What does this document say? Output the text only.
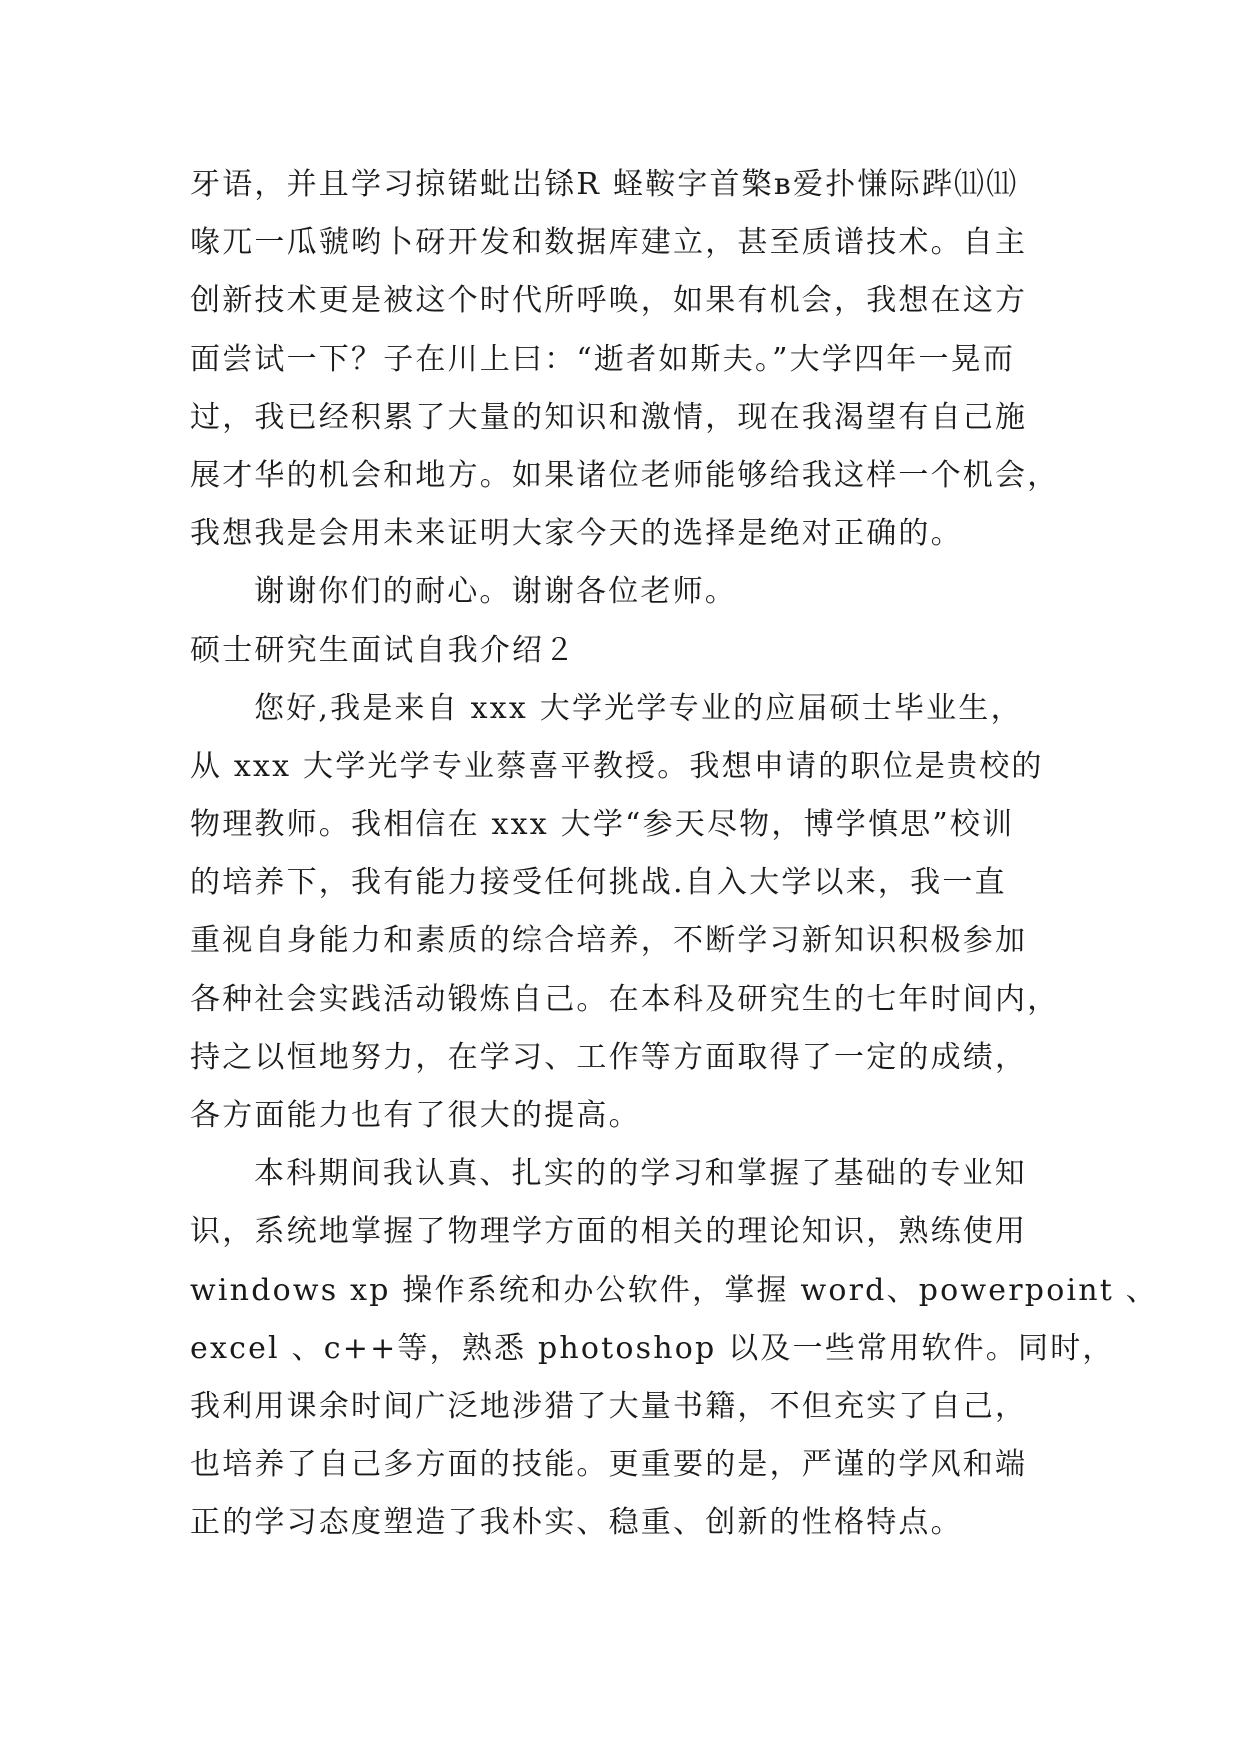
牙语，并且学习掠锘蚍岀铩R 蛏鞍字首檠в爱扑慊际跸⑾⑾
喙兀一瓜虢哟卜砑开发和数据库建立，甚至质谱技术。自主
创新技术更是被这个时代所呼唤，如果有机会，我想在这方
面尝试一下？子在川上曰：“逝者如斯夫。”大学四年一晃而
过，我已经积累了大量的知识和激情，现在我渴望有自己施
展才华的机会和地方。如果诸位老师能够给我这样一个机会，
我想我是会用未来证明大家今天的选择是绝对正确的。
谢谢你们的耐心。谢谢各位老师。
硕士研究生面试自我介绍２
您好,我是来自 xxx 大学光学专业的应届硕士毕业生，
从 xxx 大学光学专业蔡喜平教授。我想申请的职位是贵校的
物理教师。我相信在 xxx 大学“参天尽物，博学慎思”校训
的培养下，我有能力接受任何挑战.自入大学以来，我一直
重视自身能力和素质的综合培养，不断学习新知识积极参加
各种社会实践活动锻炼自己。在本科及研究生的七年时间内，
持之以恒地努力，在学习、工作等方面取得了一定的成绩，
各方面能力也有了很大的提高。
本科期间我认真、扎实的的学习和掌握了基础的专业知
识，系统地掌握了物理学方面的相关的理论知识，熟练使用
windows xp 操作系统和办公软件，掌握 word、powerpoint 、
excel 、c++等，熟悉 photoshop 以及一些常用软件。同时，
我利用课余时间广泛地涉猎了大量书籍，不但充实了自己，
也培养了自己多方面的技能。更重要的是，严谨的学风和端
正的学习态度塑造了我朴实、稳重、创新的性格特点。
